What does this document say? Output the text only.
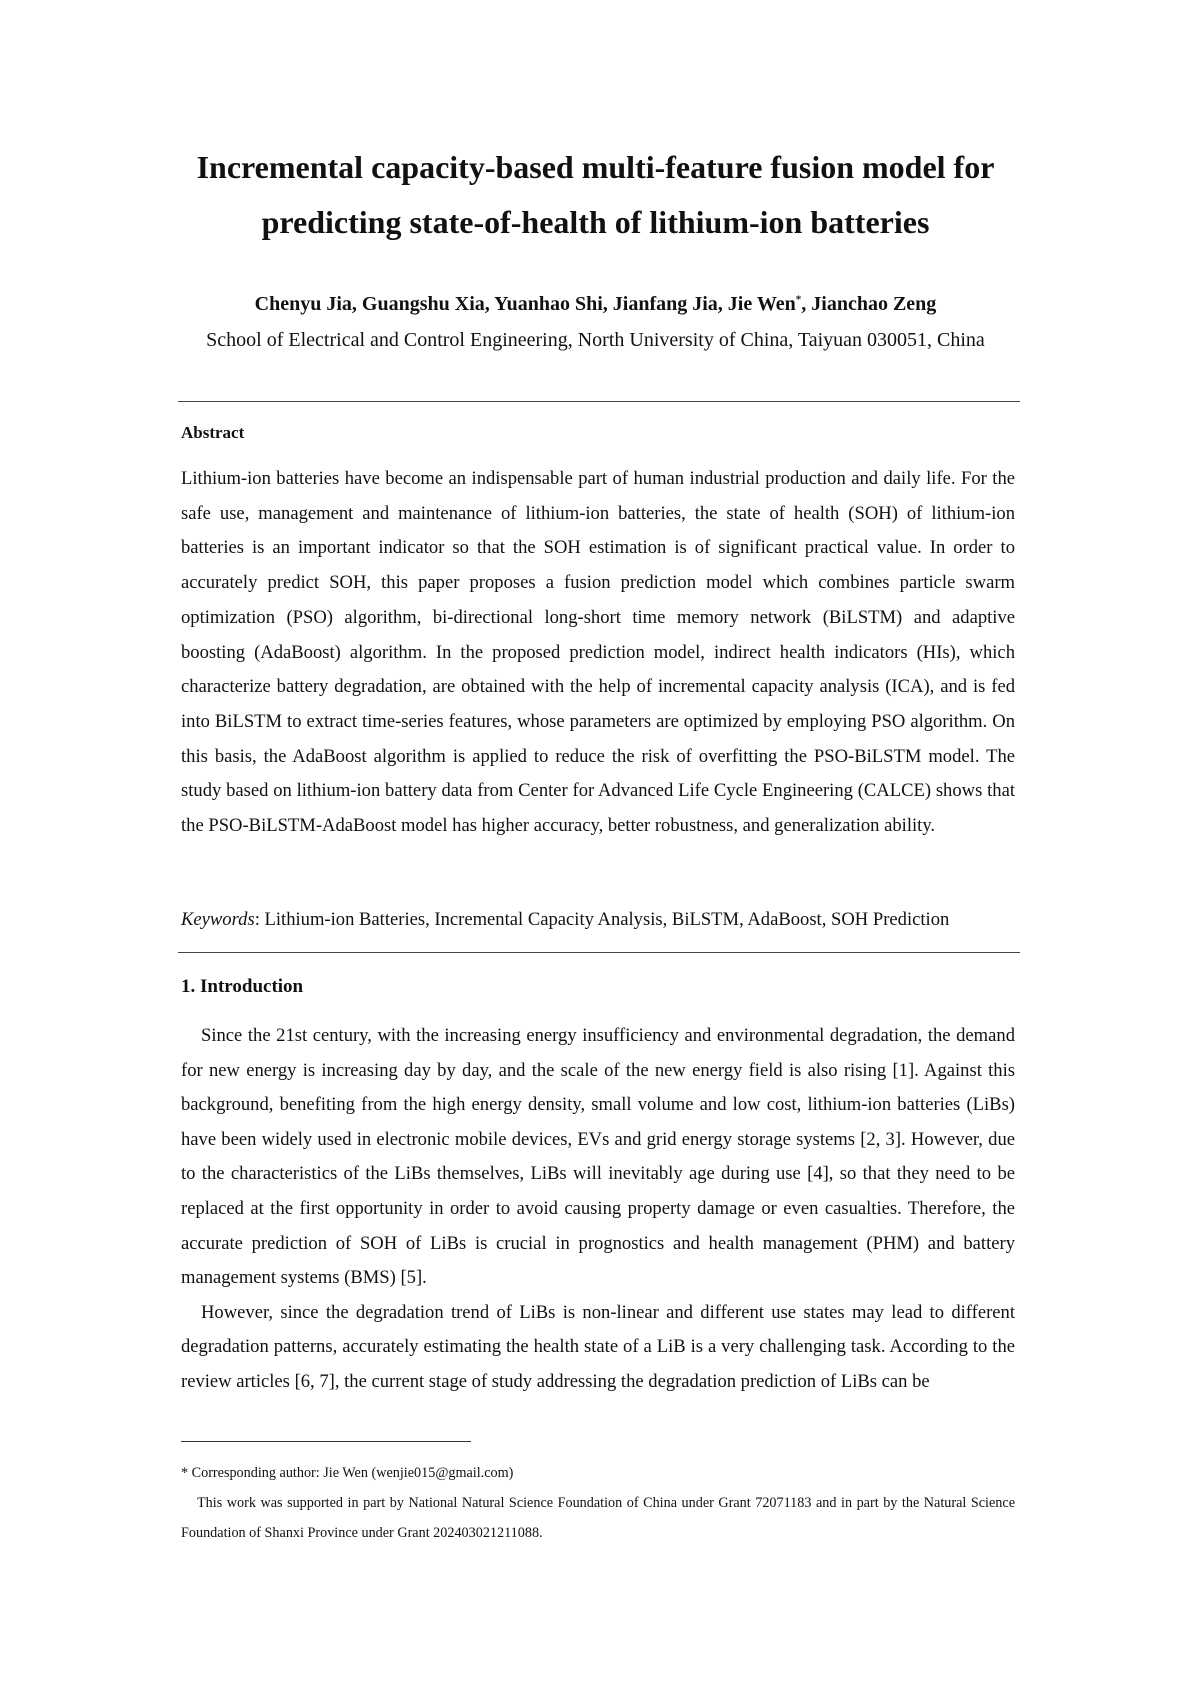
Incremental capacity-based multi-feature fusion model for
predicting state-of-health of lithium-ion batteries

Chenyu Jia, Guangshu Xia, Yuanhao Shi, Jianfang Jia, Jie Wen*, Jianchao Zeng

School of Electrical and Control Engineering, North University of China, Taiyuan 030051, China

Abstract

Lithium-ion batteries have become an indispensable part of human industrial production and daily life. For the safe use, management and maintenance of lithium-ion batteries, the state of health (SOH) of lithium-ion batteries is an important indicator so that the SOH estimation is of significant practical value. In order to accurately predict SOH, this paper proposes a fusion prediction model which combines particle swarm optimization (PSO) algorithm, bi-directional long-short time memory network (BiLSTM) and adaptive boosting (AdaBoost) algorithm. In the proposed prediction model, indirect health indicators (HIs), which characterize battery degradation, are obtained with the help of incremental capacity analysis (ICA), and is fed into BiLSTM to extract time-series features, whose parameters are optimized by employing PSO algorithm. On this basis, the AdaBoost algorithm is applied to reduce the risk of overfitting the PSO-BiLSTM model. The study based on lithium-ion battery data from Center for Advanced Life Cycle Engineering (CALCE) shows that the PSO-BiLSTM-AdaBoost model has higher accuracy, better robustness, and generalization ability.

Keywords: Lithium-ion Batteries, Incremental Capacity Analysis, BiLSTM, AdaBoost, SOH Prediction

1. Introduction

Since the 21st century, with the increasing energy insufficiency and environmental degradation, the demand for new energy is increasing day by day, and the scale of the new energy field is also rising [1]. Against this background, benefiting from the high energy density, small volume and low cost, lithium-ion batteries (LiBs) have been widely used in electronic mobile devices, EVs and grid energy storage systems [2, 3]. However, due to the characteristics of the LiBs themselves, LiBs will inevitably age during use [4], so that they need to be replaced at the first opportunity in order to avoid causing property damage or even casualties. Therefore, the accurate prediction of SOH of LiBs is crucial in prognostics and health management (PHM) and battery management systems (BMS) [5].

However, since the degradation trend of LiBs is non-linear and different use states may lead to different degradation patterns, accurately estimating the health state of a LiB is a very challenging task. According to the review articles [6, 7], the current stage of study addressing the degradation prediction of LiBs can be

* Corresponding author: Jie Wen (wenjie015@gmail.com)

This work was supported in part by National Natural Science Foundation of China under Grant 72071183 and in part by the Natural Science Foundation of Shanxi Province under Grant 202403021211088.
